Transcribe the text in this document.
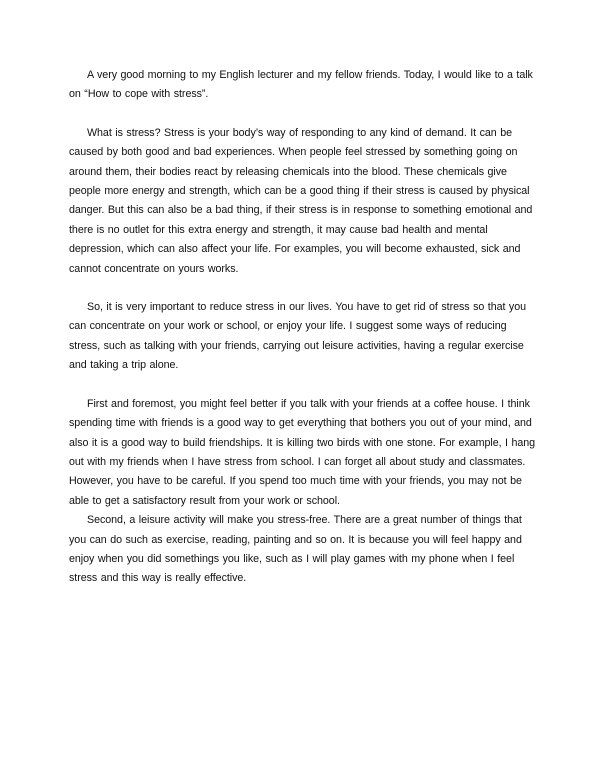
A very good morning to my English lecturer and my fellow friends. Today, I would like to a talk on “How to cope with stress”.

What is stress? Stress is your body’s way of responding to any kind of demand. It can be caused by both good and bad experiences. When people feel stressed by something going on around them, their bodies react by releasing chemicals into the blood. These chemicals give people more energy and strength, which can be a good thing if their stress is caused by physical danger. But this can also be a bad thing, if their stress is in response to something emotional and there is no outlet for this extra energy and strength, it may cause bad health and mental depression, which can also affect your life. For examples, you will become exhausted, sick and cannot concentrate on yours works.

So, it is very important to reduce stress in our lives. You have to get rid of stress so that you can concentrate on your work or school, or enjoy your life. I suggest some ways of reducing stress, such as talking with your friends, carrying out leisure activities, having a regular exercise and taking a trip alone.

First and foremost, you might feel better if you talk with your friends at a coffee house. I think spending time with friends is a good way to get everything that bothers you out of your mind, and also it is a good way to build friendships. It is killing two birds with one stone. For example, I hang out with my friends when I have stress from school. I can forget all about study and classmates. However, you have to be careful. If you spend too much time with your friends, you may not be able to get a satisfactory result from your work or school.

Second, a leisure activity will make you stress-free. There are a great number of things that you can do such as exercise, reading, painting and so on. It is because you will feel happy and enjoy when you did somethings you like, such as I will play games with my phone when I feel stress and this way is really effective.
